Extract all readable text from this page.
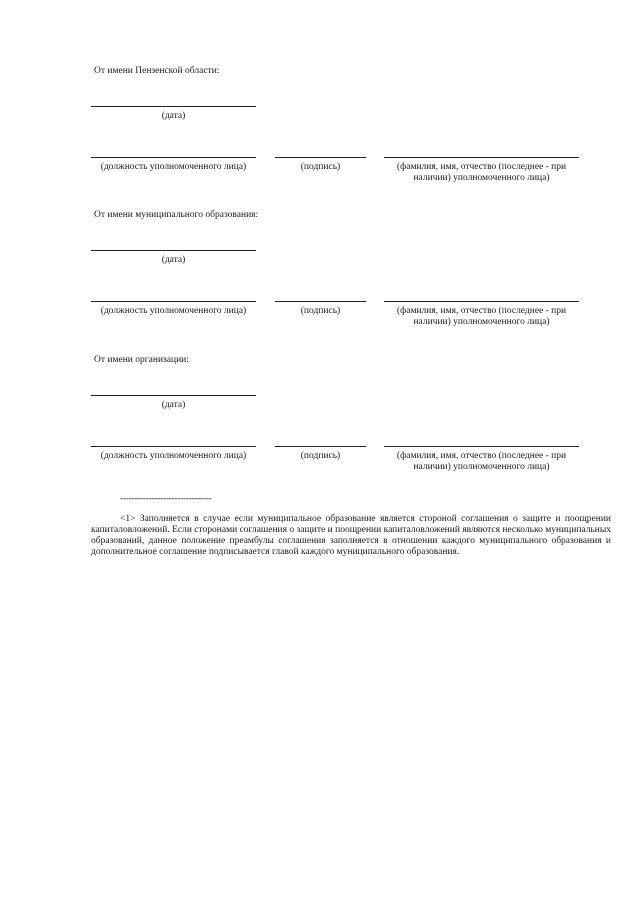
От имени Пензенской области:
(дата)
(должность уполномоченного лица)	(подпись)	(фамилия, имя, отчество (последнее - при наличии) уполномоченного лица)
От имени муниципального образования:
(дата)
(должность уполномоченного лица)	(подпись)	(фамилия, имя, отчество (последнее - при наличии) уполномоченного лица)
От имени организации:
(дата)
(должность уполномоченного лица)	(подпись)	(фамилия, имя, отчество (последнее - при наличии) уполномоченного лица)
--------------------------------
<1> Заполняется в случае если муниципальное образование является стороной соглашения о защите и поощрении капиталовложений. Если сторонами соглашения о защите и поощрении капиталовложений являются несколько муниципальных образований, данное положение преамбулы соглашения заполняется в отношении каждого муниципального образования и дополнительное соглашение подписывается главой каждого муниципального образования.
